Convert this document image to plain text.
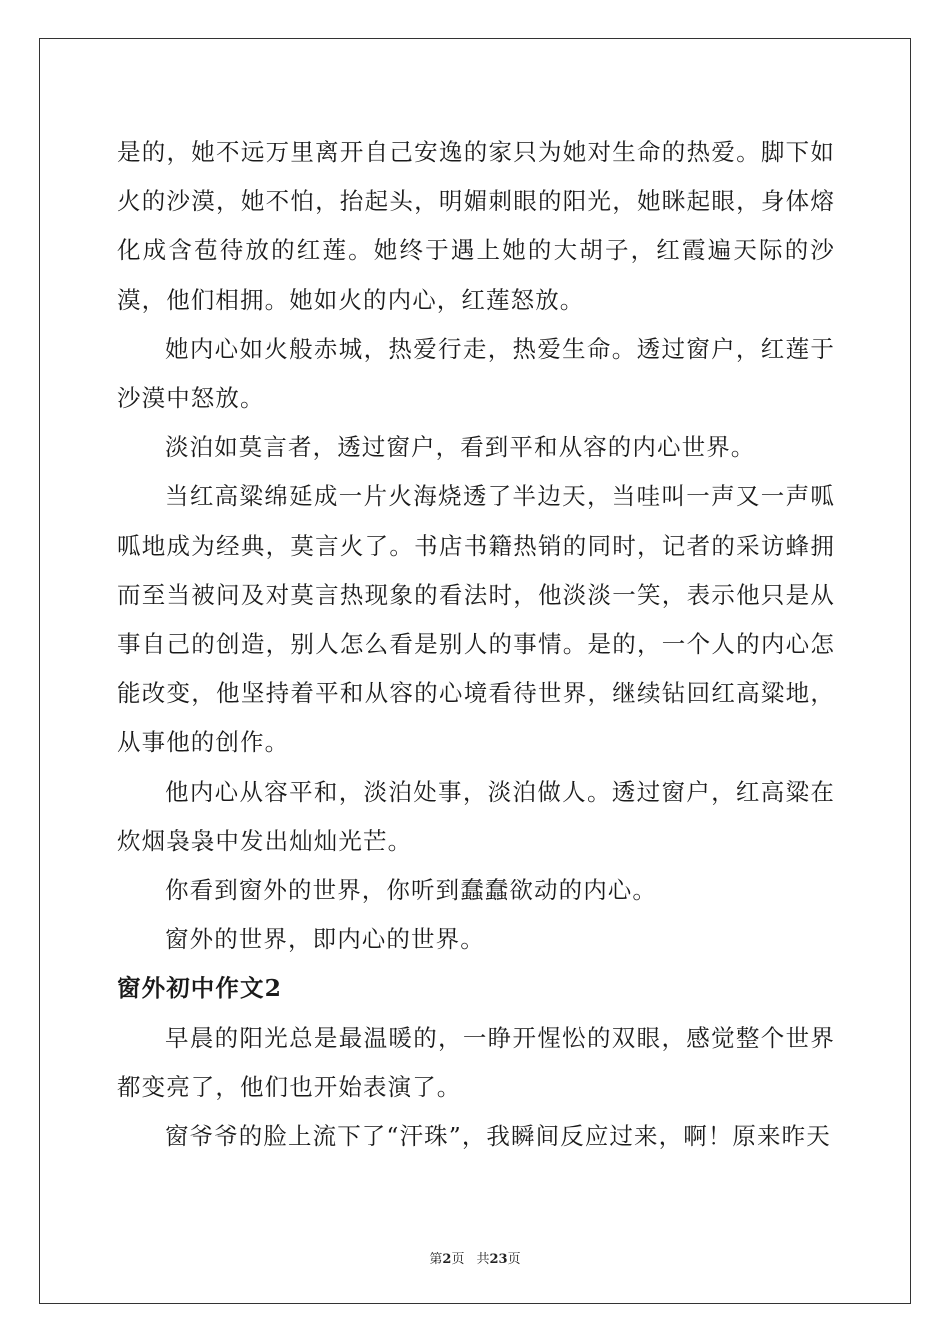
是的，她不远万里离开自己安逸的家只为她对生命的热爱。脚下如火的沙漠，她不怕，抬起头，明媚刺眼的阳光，她眯起眼，身体熔化成含苞待放的红莲。她终于遇上她的大胡子，红霞遍天际的沙漠，他们相拥。她如火的内心，红莲怒放。

她内心如火般赤城，热爱行走，热爱生命。透过窗户，红莲于沙漠中怒放。

淡泊如莫言者，透过窗户，看到平和从容的内心世界。

当红高粱绵延成一片火海烧透了半边天，当哇叫一声又一声呱呱地成为经典，莫言火了。书店书籍热销的同时，记者的采访蜂拥而至当被问及对莫言热现象的看法时，他淡淡一笑，表示他只是从事自己的创造，别人怎么看是别人的事情。是的，一个人的内心怎能改变，他坚持着平和从容的心境看待世界，继续钻回红高粱地，从事他的创作。

他内心从容平和，淡泊处事，淡泊做人。透过窗户，红高粱在炊烟袅袅中发出灿灿光芒。

你看到窗外的世界，你听到蠢蠢欲动的内心。

窗外的世界，即内心的世界。

窗外初中作文2

早晨的阳光总是最温暖的，一睁开惺忪的双眼，感觉整个世界都变亮了，他们也开始表演了。

窗爷爷的脸上流下了“汗珠”，我瞬间反应过来，啊！原来昨天

第2页 共23页
